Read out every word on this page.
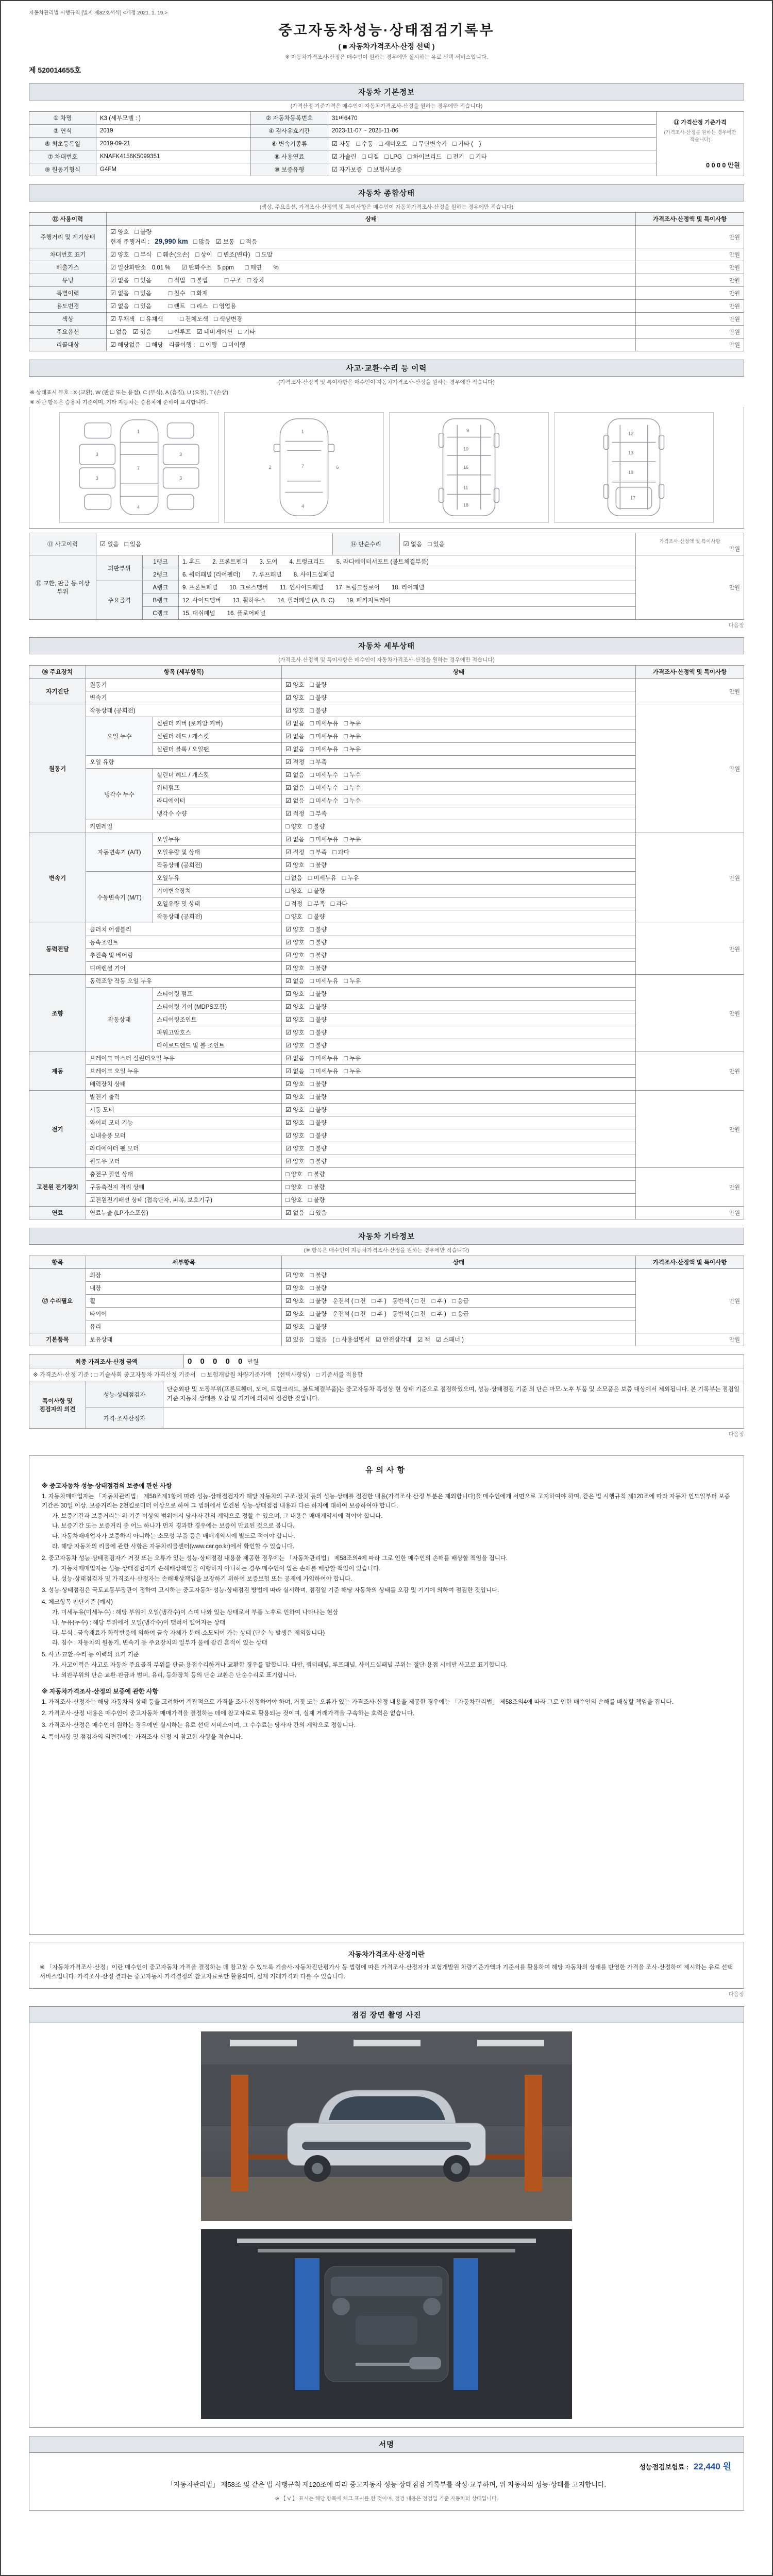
자동차관리법 시행규칙 [별지 제82호서식] <개정 2021. 1. 19.>
중고자동차성능·상태점검기록부
( ■ 자동차가격조사·산정 선택 )
※ 자동차가격조사·산정은 매수인이 원하는 경우에만 실시하는 유료 선택 서비스입니다.
제 520014655호
자동차 기본정보
(가격산정 기준가격은 매수인이 자동차가격조사·산정을 원하는 경우에만 적습니다)
① 차명	K3 (세부모델 : )	② 자동차등록번호	31버6470	⑪ 가격산정 기준가격
(가격조사·산정을 원하는 경우에만 적습니다)
0 0 0 0 만원

③ 연식	2019	④ 검사유효기간	2023-11-07 ~ 2025-11-06	
⑤ 최초등록일	2019-09-21	⑥ 변속기종류	☑ 자동 □ 수동 □ 세미오토 □ 무단변속기 □ 기타 (　)	
⑦ 차대번호	KNAFK4156K5099351	⑧ 사용연료	☑ 가솔린 □ 디젤 □ LPG □ 하이브리드 □ 전기 □ 기타	
⑨ 원동기형식	G4FM	⑩ 보증유형	☑ 자가보증 □ 보험사보증	
자동차 종합상태
(색상, 주요옵션, 가격조사·산정액 및 특이사항은 매수인이 자동차가격조사·산정을 원하는 경우에만 적습니다)
⑫ 사용이력	상태	가격조사·산정액 및 특이사항
주행거리 및 계기상태	☑ 양호 □ 불량
현재 주행거리 : 29,990 km □ 많음 ☑ 보통 □ 적음	만원
차대번호 표기	☑ 양호 □ 부식 □ 훼손(오손) □ 상이 □ 변조(변타) □ 도말	만원
배출가스	☑ 일산화탄소 0.01 %　☑ 탄화수소 5 ppm　□ 매연　%	만원
튜닝	☑ 없음 □ 있음　 □ 적법 □ 불법　 □ 구조 □ 장치	만원
특별이력	☑ 없음 □ 있음　 □ 침수 □ 화재	만원
용도변경	☑ 없음 □ 있음　 □ 렌트 □ 리스 □ 영업용	만원
색상	☑ 무채색 □ 유채색　 □ 전체도색 □ 색상변경	만원
주요옵션	□ 없음 ☑ 있음　 □ 썬루프 ☑ 네비게이션 □ 기타	만원
리콜대상	☑ 해당없음 □ 해당 리콜이행 : □ 이행 □ 미이행	만원
사고·교환·수리 등 이력
(가격조사·산정액 및 특이사항은 매수인이 자동차가격조사·산정을 원하는 경우에만 적습니다)
※ 상태표시 부호 : X (교환), W (판금 또는 용접), C (부식), A (흠집), U (요철), T (손상)
※ 하단 항목은 승용차 기준이며, 기타 자동차는 승용차에 준하여 표시합니다.
1
7
4
3	3
3	3
1
7
4
2	6
9
10
16
11
18
12
13
19
17
⑬ 사고이력	☑ 없음 □ 있음	⑭ 단순수리	☑ 없음 □ 있음	가격조사·산정액 및 특이사항
만원
⑮ 교환, 판금 등 이상 부위	외판부위	1랭크	1. 후드　　2. 프론트펜더　　3. 도어　　4. 트렁크리드　　5. 라디에이터서포트 (볼트체결부품)	만원
		2랭크	6. 쿼터패널 (리어펜더)　　7. 루프패널　　8. 사이드실패널	
	주요골격	A랭크	9. 프론트패널　　10. 크로스멤버　　11. 인사이드패널　　17. 트렁크플로어　　18. 리어패널	
		B랭크	12. 사이드멤버　　13. 휠하우스　　14. 필러패널 (A, B, C)　　19. 패키지트레이	
		C랭크	15. 대쉬패널　　16. 플로어패널	
다음장
자동차 세부상태
(가격조사·산정액 및 특이사항은 매수인이 자동차가격조사·산정을 원하는 경우에만 적습니다)
⑯ 주요장치	항목 (세부항목)		상태	가격조사·산정액 및 특이사항
자기진단	원동기		☑ 양호 □ 불량	만원
	변속기		☑ 양호 □ 불량	
원동기	작동상태 (공회전)		☑ 양호 □ 불량	만원
	오일 누수	실린더 커버 (로커암 커버)	☑ 없음 □ 미세누유 □ 누유	
		실린더 헤드 / 개스킷	☑ 없음 □ 미세누유 □ 누유	
		실린더 블록 / 오일팬	☑ 없음 □ 미세누유 □ 누유	
	오일 유량		☑ 적정 □ 부족	
	냉각수 누수	실린더 헤드 / 개스킷	☑ 없음 □ 미세누수 □ 누수	
		워터펌프	☑ 없음 □ 미세누수 □ 누수	
		라디에이터	☑ 없음 □ 미세누수 □ 누수	
		냉각수 수량	☑ 적정 □ 부족	
	커먼레일		□ 양호 □ 불량	
변속기	자동변속기 (A/T)	오일누유	☑ 없음 □ 미세누유 □ 누유	만원
		오일유량 및 상태	☑ 적정 □ 부족 □ 과다	
		작동상태 (공회전)	☑ 양호 □ 불량	
	수동변속기 (M/T)	오일누유	□ 없음 □ 미세누유 □ 누유	
		기어변속장치	□ 양호 □ 불량	
		오일유량 및 상태	□ 적정 □ 부족 □ 과다	
		작동상태 (공회전)	□ 양호 □ 불량	
동력전달	클러치 어셈블리		☑ 양호 □ 불량	만원
	등속조인트		☑ 양호 □ 불량	
	추진축 및 베어링		☑ 양호 □ 불량	
	디퍼렌셜 기어		☑ 양호 □ 불량	
조향	동력조향 작동 오일 누유		☑ 없음 □ 미세누유 □ 누유	만원
	작동상태	스티어링 펌프	☑ 양호 □ 불량	
		스티어링 기어 (MDPS포함)	☑ 양호 □ 불량	
		스티어링조인트	☑ 양호 □ 불량	
		파워고압호스	☑ 양호 □ 불량	
		타이로드엔드 및 볼 조인트	☑ 양호 □ 불량	
제동	브레이크 마스터 실린더오일 누유		☑ 없음 □ 미세누유 □ 누유	만원
	브레이크 오일 누유		☑ 없음 □ 미세누유 □ 누유	
	배력장치 상태		☑ 양호 □ 불량	
전기	발전기 출력		☑ 양호 □ 불량	만원
	시동 모터		☑ 양호 □ 불량	
	와이퍼 모터 기능		☑ 양호 □ 불량	
	실내송풍 모터		☑ 양호 □ 불량	
	라디에이터 팬 모터		☑ 양호 □ 불량	
	윈도우 모터		☑ 양호 □ 불량	
고전원 전기장치	충전구 절연 상태		□ 양호 □ 불량	만원
	구동축전지 격리 상태		□ 양호 □ 불량	
	고전원전기배선 상태 (접속단자, 피복, 보호기구)		□ 양호 □ 불량	
연료	연료누출 (LP가스포함)		☑ 없음 □ 있음	만원
자동차 기타정보
(※ 항목은 매수인이 자동차가격조사·산정을 원하는 경우에만 적습니다)
항목	세부항목	상태	가격조사·산정액 및 특이사항
⑰ 수리필요	외장	☑ 양호 □ 불량	만원
	내장	☑ 양호 □ 불량	
	휠	☑ 양호 □ 불량 운전석 ( □ 전　□ 후 )　동반석 ( □ 전　□ 후 )　□ 응급	
	타이어	☑ 양호 □ 불량 운전석 ( □ 전　□ 후 )　동반석 ( □ 전　□ 후 )　□ 응급	
	유리	☑ 양호 □ 불량	
기본품목	보유상태	☑ 있음 □ 없음 ( □ 사용설명서　☑ 안전삼각대　☑ 잭　☑ 스패너 )	만원
최종 가격조사·산정 금액	0 0 0 0 0 만원
※ 가격조사·산정 기준 : □ 기술사회 중고자동차 가격산정 기준서　□ 보험개발원 차량기준가액　(선택사항임)　□ 기준서를 적용함
특이사항 및 점검자의 의견	성능·상태점검자	단순외판 및 도장부위(프론트휀더, 도어, 트렁크리드, 볼트체결부품)는 중고자동차 특성상 현 상태 기준으로 점검하였으며, 성능·상태점검 기준 외 단순 마모·노후 부품 및 소모품은 보증 대상에서 제외됩니다. 본 기록부는 점검일 기준 자동차 상태를 오감 및 기기에 의하여 점검한 것입니다.
	가격·조사산정자	
다음장
유의사항
※ 중고자동차 성능·상태점검의 보증에 관한 사항
1. 자동차매매업자는 「자동차관리법」 제58조제1항에 따라 성능·상태점검자가 해당 자동차의 구조·장치 등의 성능·상태를 점검한 내용(가격조사·산정 부분은 제외합니다)을 매수인에게 서면으로 고지하여야 하며, 같은 법 시행규칙 제120조에 따라 자동차 인도일부터 보증기간은 30일 이상, 보증거리는 2천킬로미터 이상으로 하여 그 범위에서 발견된 성능·상태점검 내용과 다른 하자에 대하여 보증하여야 합니다.
가. 보증기간과 보증거리는 위 기준 이상의 범위에서 당사자 간의 계약으로 정할 수 있으며, 그 내용은 매매계약서에 적어야 합니다.
나. 보증기간 또는 보증거리 중 어느 하나가 먼저 경과한 경우에는 보증이 만료된 것으로 봅니다.
다. 자동차매매업자가 보증하지 아니하는 소모성 부품 등은 매매계약서에 별도로 적어야 합니다.
라. 해당 자동차의 리콜에 관한 사항은 자동차리콜센터(www.car.go.kr)에서 확인할 수 있습니다.
2. 중고자동차 성능·상태점검자가 거짓 또는 오류가 있는 성능·상태점검 내용을 제공한 경우에는 「자동차관리법」 제58조의4에 따라 그로 인한 매수인의 손해를 배상할 책임을 집니다.
가. 자동차매매업자는 성능·상태점검자가 손해배상책임을 이행하지 아니하는 경우 매수인이 입은 손해를 배상할 책임이 있습니다.
나. 성능·상태점검자 및 가격조사·산정자는 손해배상책임을 보장하기 위하여 보증보험 또는 공제에 가입하여야 합니다.
3. 성능·상태점검은 국토교통부장관이 정하여 고시하는 중고자동차 성능·상태점검 방법에 따라 실시하며, 점검일 기준 해당 자동차의 상태를 오감 및 기기에 의하여 점검한 것입니다.
4. 체크항목 판단기준 (예시)
가. 미세누유(미세누수) : 해당 부위에 오일(냉각수)이 스며 나와 있는 상태로서 부품 노후로 인하여 나타나는 현상
나. 누유(누수) : 해당 부위에서 오일(냉각수)이 맺혀서 떨어지는 상태
다. 부식 : 금속재료가 화학반응에 의하여 금속 자체가 분해·소모되어 가는 상태 (단순 녹 발생은 제외합니다)
라. 침수 : 자동차의 원동기, 변속기 등 주요장치의 일부가 물에 잠긴 흔적이 있는 상태
5. 사고·교환·수리 등 이력의 표기 기준
가. 사고이력은 사고로 자동차 주요골격 부위를 판금·용접수리하거나 교환한 경우를 말합니다. 다만, 쿼터패널, 루프패널, 사이드실패널 부위는 절단·용접 시에만 사고로 표기합니다.
나. 외판부위의 단순 교환·판금과 범퍼, 유리, 등화장치 등의 단순 교환은 단순수리로 표기합니다.
※ 자동차가격조사·산정의 보증에 관한 사항
1. 가격조사·산정자는 해당 자동차의 상태 등을 고려하여 객관적으로 가격을 조사·산정하여야 하며, 거짓 또는 오류가 있는 가격조사·산정 내용을 제공한 경우에는 「자동차관리법」 제58조의4에 따라 그로 인한 매수인의 손해를 배상할 책임을 집니다.
2. 가격조사·산정 내용은 매수인이 중고자동차 매매가격을 결정하는 데에 참고자료로 활용되는 것이며, 실제 거래가격을 구속하는 효력은 없습니다.
3. 가격조사·산정은 매수인이 원하는 경우에만 실시하는 유료 선택 서비스이며, 그 수수료는 당사자 간의 계약으로 정합니다.
4. 특이사항 및 점검자의 의견란에는 가격조사·산정 시 참고한 사항을 적습니다.
자동차가격조사·산정이란
※ 「자동차가격조사·산정」이란 매수인이 중고자동차 가격을 결정하는 데 참고할 수 있도록 기술사·자동차진단평가사 등 법령에 따른 가격조사·산정자가 보험개발원 차량기준가액과 기준서를 활용하여 해당 자동차의 상태를 반영한 가격을 조사·산정하여 제시하는 유료 선택 서비스입니다. 가격조사·산정 결과는 중고자동차 가격결정의 참고자료로만 활용되며, 실제 거래가격과 다를 수 있습니다.
다음장
점검 장면 촬영 사진
서명
성능점검보험료 : 22,440 원
「자동차관리법」 제58조 및 같은 법 시행규칙 제120조에 따라 중고자동차 성능·상태점검 기록부를 작성·교부하며, 위 자동차의 성능·상태를 고지합니다.
※ 【 V 】 표시는 해당 항목에 체크 표시를 한 것이며, 점검 내용은 점검일 기준 자동차의 상태입니다.
